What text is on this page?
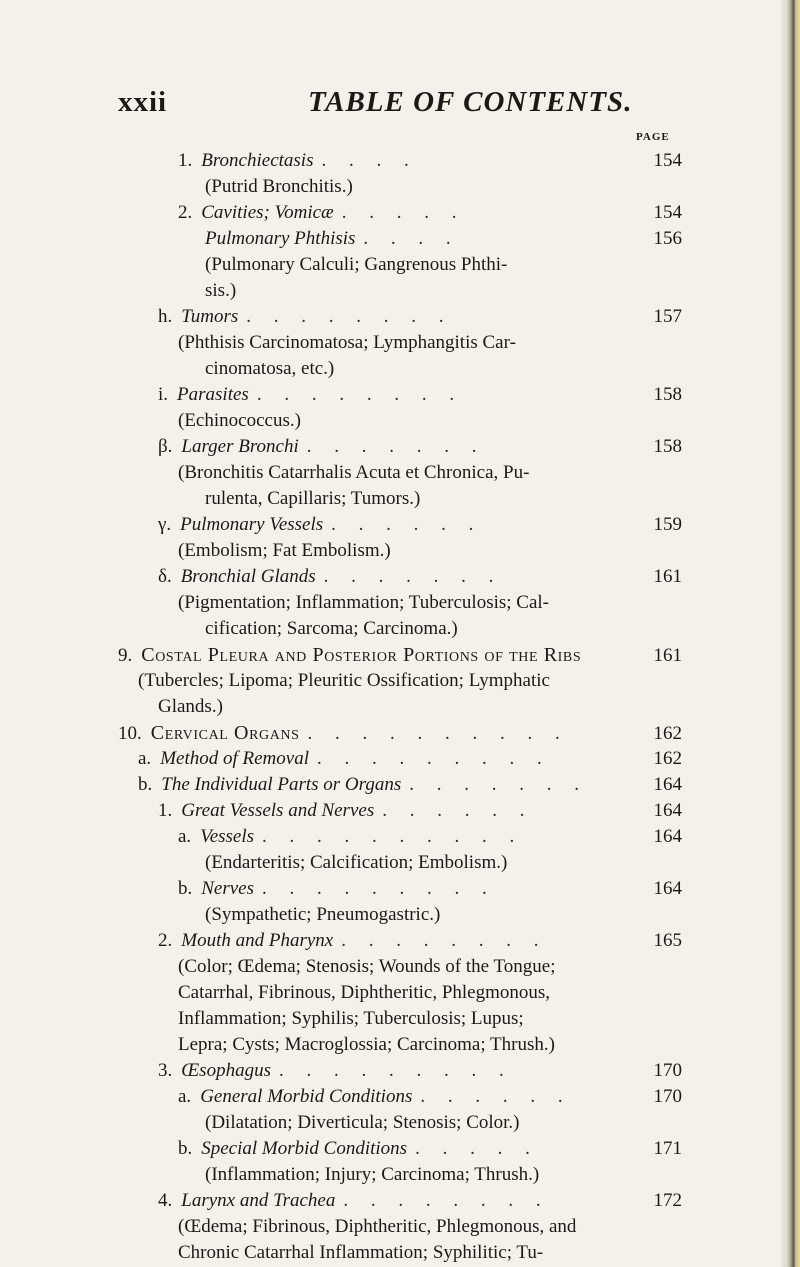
xxii	TABLE OF CONTENTS.
PAGE
1. Bronchiectasis . . . .	154
(Putrid Bronchitis.)
2. Cavities; Vomicæ . . . . .	154
Pulmonary Phthisis . . . .	156
(Pulmonary Calculi; Gangrenous Phthi-
sis.)
h. Tumors . . . . . . . .	157
(Phthisis Carcinomatosa; Lymphangitis Car-
cinomatosa, etc.)
i. Parasites . . . . . . . .	158
(Echinococcus.)
β. Larger Bronchi . . . . . . .	158
(Bronchitis Catarrhalis Acuta et Chronica, Pu-
rulenta, Capillaris; Tumors.)
γ. Pulmonary Vessels . . . . . .	159
(Embolism; Fat Embolism.)
δ. Bronchial Glands . . . . . . .	161
(Pigmentation; Inflammation; Tuberculosis; Cal-
cification; Sarcoma; Carcinoma.)
9. Costal Pleura and Posterior Portions of the Ribs	161
(Tubercles; Lipoma; Pleuritic Ossification; Lymphatic
Glands.)
10. Cervical Organs . . . . . . . . . .	162
a. Method of Removal . . . . . . . . .	162
b. The Individual Parts or Organs . . . . . . .	164
1. Great Vessels and Nerves . . . . . .	164
a. Vessels . . . . . . . . . .	164
(Endarteritis; Calcification; Embolism.)
b. Nerves . . . . . . . . .	164
(Sympathetic; Pneumogastric.)
2. Mouth and Pharynx . . . . . . . .	165
(Color; Œdema; Stenosis; Wounds of the Tongue;
Catarrhal, Fibrinous, Diphtheritic, Phlegmonous,
Inflammation; Syphilis; Tuberculosis; Lupus;
Lepra; Cysts; Macroglossia; Carcinoma; Thrush.)
3. Œsophagus . . . . . . . . .	170
a. General Morbid Conditions . . . . . .	170
(Dilatation; Diverticula; Stenosis; Color.)
b. Special Morbid Conditions . . . . .	171
(Inflammation; Injury; Carcinoma; Thrush.)
4. Larynx and Trachea . . . . . . . .	172
(Œdema; Fibrinous, Diphtheritic, Phlegmonous, and
Chronic Catarrhal Inflammation; Syphilitic; Tu-
